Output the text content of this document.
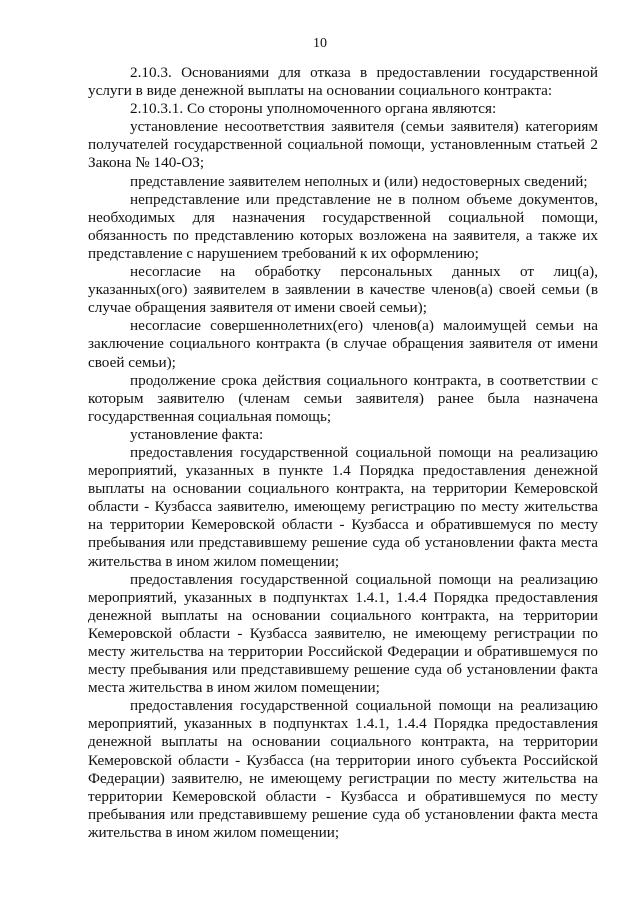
10

2.10.3. Основаниями для отказа в предоставлении государственной услуги в виде денежной выплаты на основании социального контракта:

2.10.3.1. Со стороны уполномоченного органа являются:

установление несоответствия заявителя (семьи заявителя) категориям получателей государственной социальной помощи, установленным статьей 2 Закона № 140-ОЗ;

представление заявителем неполных и (или) недостоверных сведений;

непредставление или представление не в полном объеме документов, необходимых для назначения государственной социальной помощи, обязанность по представлению которых возложена на заявителя, а также их представление с нарушением требований к их оформлению;

несогласие на обработку персональных данных от лиц(а), указанных(ого) заявителем в заявлении в качестве членов(а) своей семьи (в случае обращения заявителя от имени своей семьи);

несогласие совершеннолетних(его) членов(а) малоимущей семьи на заключение социального контракта (в случае обращения заявителя от имени своей семьи);

продолжение срока действия социального контракта, в соответствии с которым заявителю (членам семьи заявителя) ранее была назначена государственная социальная помощь;

установление факта:

предоставления государственной социальной помощи на реализацию мероприятий, указанных в пункте 1.4 Порядка предоставления денежной выплаты на основании социального контракта, на территории Кемеровской области - Кузбасса заявителю, имеющему регистрацию по месту жительства на территории Кемеровской области - Кузбасса и обратившемуся по месту пребывания или представившему решение суда об установлении факта места жительства в ином жилом помещении;

предоставления государственной социальной помощи на реализацию мероприятий, указанных в подпунктах 1.4.1, 1.4.4 Порядка предоставления денежной выплаты на основании социального контракта, на территории Кемеровской области - Кузбасса заявителю, не имеющему регистрации по месту жительства на территории Российской Федерации и обратившемуся по месту пребывания или представившему решение суда об установлении факта места жительства в ином жилом помещении;

предоставления государственной социальной помощи на реализацию мероприятий, указанных в подпунктах 1.4.1, 1.4.4 Порядка предоставления денежной выплаты на основании социального контракта, на территории Кемеровской области - Кузбасса (на территории иного субъекта Российской Федерации) заявителю, не имеющему регистрации по месту жительства на территории Кемеровской области - Кузбасса и обратившемуся по месту пребывания или представившему решение суда об установлении факта места жительства в ином жилом помещении;
